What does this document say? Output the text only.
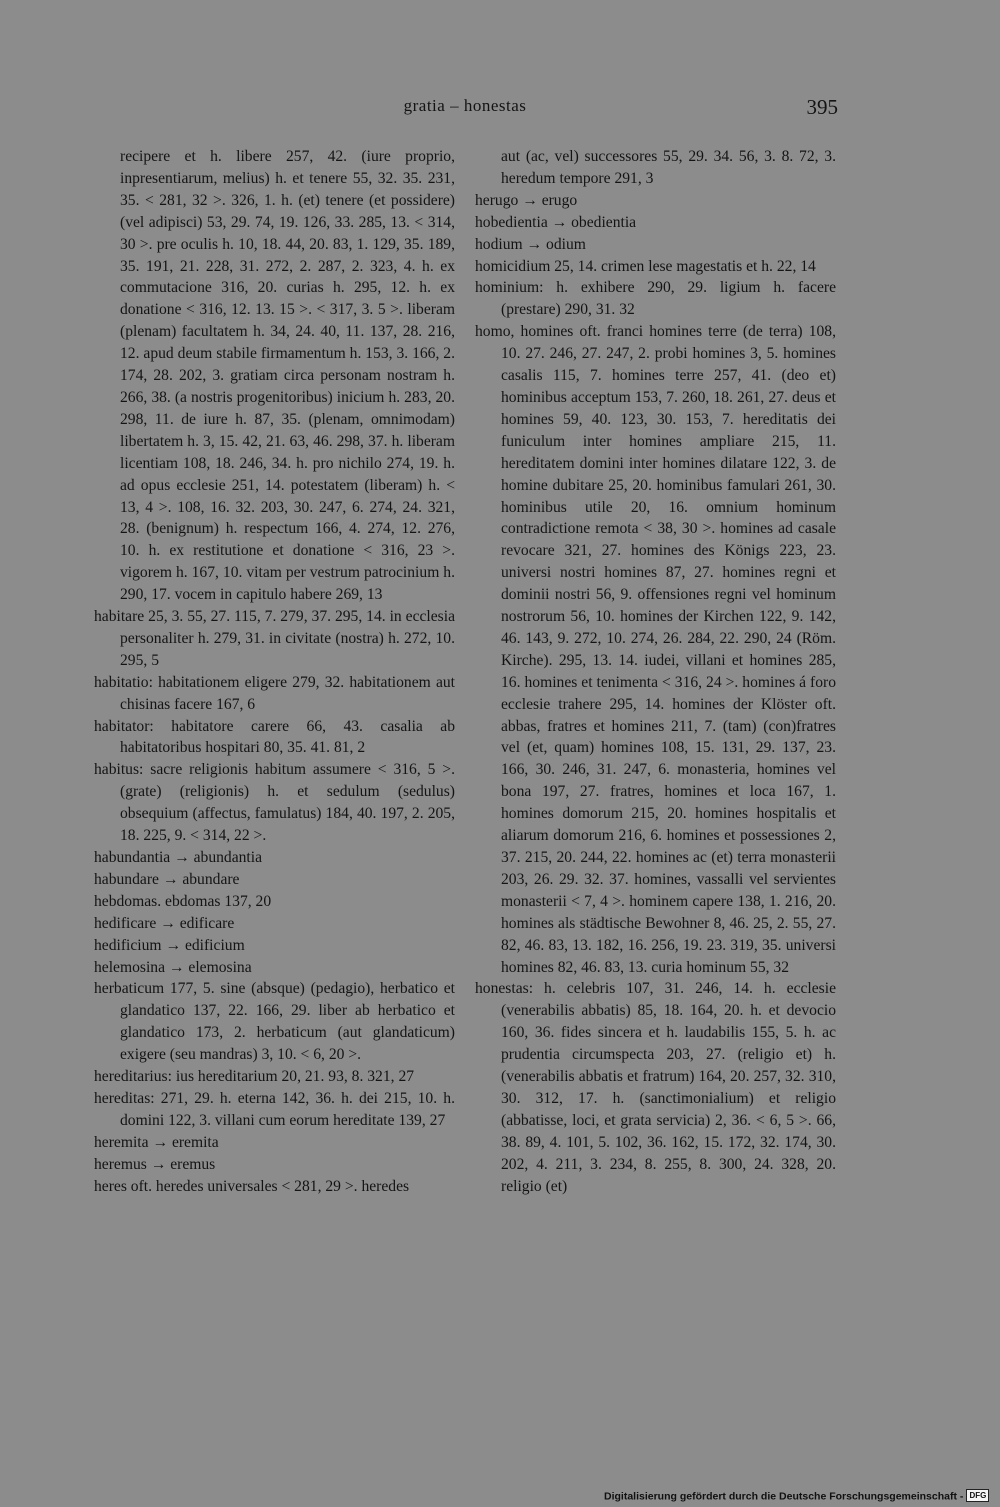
gratia – honestas	395
recipere et h. libere 257, 42. (iure proprio, inpresentiarum, melius) h. et tenere 55, 32. 35. 231, 35. < 281, 32 >. 326, 1. h. (et) tenere (et possidere) (vel adipisci) 53, 29. 74, 19. 126, 33. 285, 13. < 314, 30 >. pre oculis h. 10, 18. 44, 20. 83, 1. 129, 35. 189, 35. 191, 21. 228, 31. 272, 2. 287, 2. 323, 4. h. ex commutacione 316, 20. curias h. 295, 12. h. ex donatione < 316, 12. 13. 15 >. < 317, 3. 5 >. liberam (plenam) facultatem h. 34, 24. 40, 11. 137, 28. 216, 12. apud deum stabile firmamentum h. 153, 3. 166, 2. 174, 28. 202, 3. gratiam circa personam nostram h. 266, 38. (a nostris progenitoribus) inicium h. 283, 20. 298, 11. de iure h. 87, 35. (plenam, omnimodam) libertatem h. 3, 15. 42, 21. 63, 46. 298, 37. h. liberam licentiam 108, 18. 246, 34. h. pro nichilo 274, 19. h. ad opus ecclesie 251, 14. potestatem (liberam) h. < 13, 4 >. 108, 16. 32. 203, 30. 247, 6. 274, 24. 321, 28. (benignum) h. respectum 166, 4. 274, 12. 276, 10. h. ex restitutione et donatione < 316, 23 >. vigorem h. 167, 10. vitam per vestrum patrocinium h. 290, 17. vocem in capitulo habere 269, 13
habitare 25, 3. 55, 27. 115, 7. 279, 37. 295, 14. in ecclesia personaliter h. 279, 31. in civitate (nostra) h. 272, 10. 295, 5
habitatio: habitationem eligere 279, 32. habitationem aut chisinas facere 167, 6
habitator: habitatore carere 66, 43. casalia ab habitatoribus hospitari 80, 35. 41. 81, 2
habitus: sacre religionis habitum assumere < 316, 5 >. (grate) (religionis) h. et sedulum (sedulus) obsequium (affectus, famulatus) 184, 40. 197, 2. 205, 18. 225, 9. < 314, 22 >.
habundantia → abundantia
habundare → abundare
hebdomas. ebdomas 137, 20
hedificare → edificare
hedificium → edificium
helemosina → elemosina
herbaticum 177, 5. sine (absque) (pedagio), herbatico et glandatico 137, 22. 166, 29. liber ab herbatico et glandatico 173, 2. herbaticum (aut glandaticum) exigere (seu mandras) 3, 10. < 6, 20 >.
hereditarius: ius hereditarium 20, 21. 93, 8. 321, 27
hereditas: 271, 29. h. eterna 142, 36. h. dei 215, 10. h. domini 122, 3. villani cum eorum hereditate 139, 27
heremita → eremita
heremus → eremus
heres oft. heredes universales < 281, 29 >. heredes
aut (ac, vel) successores 55, 29. 34. 56, 3. 8. 72, 3. heredum tempore 291, 3
herugo → erugo
hobedientia → obedientia
hodium → odium
homicidium 25, 14. crimen lese magestatis et h. 22, 14
hominium: h. exhibere 290, 29. ligium h. facere (prestare) 290, 31. 32
homo, homines oft. franci homines terre (de terra) 108, 10. 27. 246, 27. 247, 2. probi homines 3, 5. homines casalis 115, 7. homines terre 257, 41. (deo et) hominibus acceptum 153, 7. 260, 18. 261, 27. deus et homines 59, 40. 123, 30. 153, 7. hereditatis dei funiculum inter homines ampliare 215, 11. hereditatem domini inter homines dilatare 122, 3. de homine dubitare 25, 20. hominibus famulari 261, 30. hominibus utile 20, 16. omnium hominum contradictione remota < 38, 30 >. homines ad casale revocare 321, 27. homines des Königs 223, 23. universi nostri homines 87, 27. homines regni et dominii nostri 56, 9. offensiones regni vel hominum nostrorum 56, 10. homines der Kirchen 122, 9. 142, 46. 143, 9. 272, 10. 274, 26. 284, 22. 290, 24 (Röm. Kirche). 295, 13. 14. iudei, villani et homines 285, 16. homines et tenimenta < 316, 24 >. homines á foro ecclesie trahere 295, 14. homines der Klöster oft. abbas, fratres et homines 211, 7. (tam) (con)fratres vel (et, quam) homines 108, 15. 131, 29. 137, 23. 166, 30. 246, 31. 247, 6. monasteria, homines vel bona 197, 27. fratres, homines et loca 167, 1. homines domorum 215, 20. homines hospitalis et aliarum domorum 216, 6. homines et possessiones 2, 37. 215, 20. 244, 22. homines ac (et) terra monasterii 203, 26. 29. 32. 37. homines, vassalli vel servientes monasterii < 7, 4 >. hominem capere 138, 1. 216, 20. homines als städtische Bewohner 8, 46. 25, 2. 55, 27. 82, 46. 83, 13. 182, 16. 256, 19. 23. 319, 35. universi homines 82, 46. 83, 13. curia hominum 55, 32
honestas: h. celebris 107, 31. 246, 14. h. ecclesie (venerabilis abbatis) 85, 18. 164, 20. h. et devocio 160, 36. fides sincera et h. laudabilis 155, 5. h. ac prudentia circumspecta 203, 27. (religio et) h. (venerabilis abbatis et fratrum) 164, 20. 257, 32. 310, 30. 312, 17. h. (sanctimonialium) et religio (abbatisse, loci, et grata servicia) 2, 36. < 6, 5 >. 66, 38. 89, 4. 101, 5. 102, 36. 162, 15. 172, 32. 174, 30. 202, 4. 211, 3. 234, 8. 255, 8. 300, 24. 328, 20. religio (et)
Digitalisierung gefördert durch die Deutsche Forschungsgemeinschaft - DFG
